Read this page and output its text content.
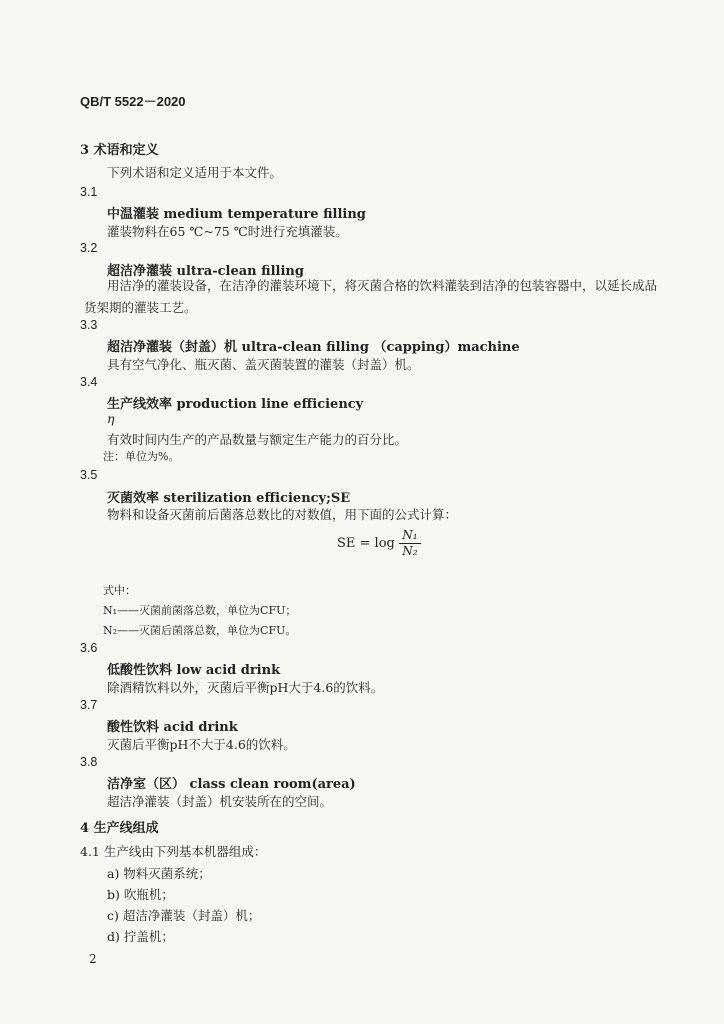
QB/T 5522－2020
3 术语和定义
下列术语和定义适用于本文件。
3.1
中温灌装 medium temperature filling
灌装物料在65 ℃~75 ℃时进行充填灌装。
3.2
超洁净灌装 ultra-clean filling
用洁净的灌装设备，在洁净的灌装环境下，将灭菌合格的饮料灌装到洁净的包装容器中，以延长成品货架期的灌装工艺。
3.3
超洁净灌装（封盖）机 ultra-clean filling （capping）machine
具有空气净化、瓶灭菌、盖灭菌装置的灌装（封盖）机。
3.4
生产线效率 production line efficiency
η
有效时间内生产的产品数量与额定生产能力的百分比。
注：单位为%。
3.5
灭菌效率 sterilization efficiency;SE
物料和设备灭菌前后菌落总数比的对数值，用下面的公式计算：
SE = $\log \frac{\text{N₁}}{\text{N₂}}$
式中：
N₁——灭菌前菌落总数，单位为CFU；
N₂——灭菌后菌落总数，单位为CFU。
3.6
低酸性饮料 low acid drink
除酒精饮料以外，灭菌后平衡pH大于4.6的饮料。
3.7
酸性饮料 acid drink
灭菌后平衡pH不大于4.6的饮料。
3.8
洁净室（区） class clean room(area)
超洁净灌装（封盖）机安装所在的空间。
4 生产线组成
4.1 生产线由下列基本机器组成：
a) 物料灭菌系统；
b) 吹瓶机；
c) 超洁净灌装（封盖）机；
d) 拧盖机；
2
